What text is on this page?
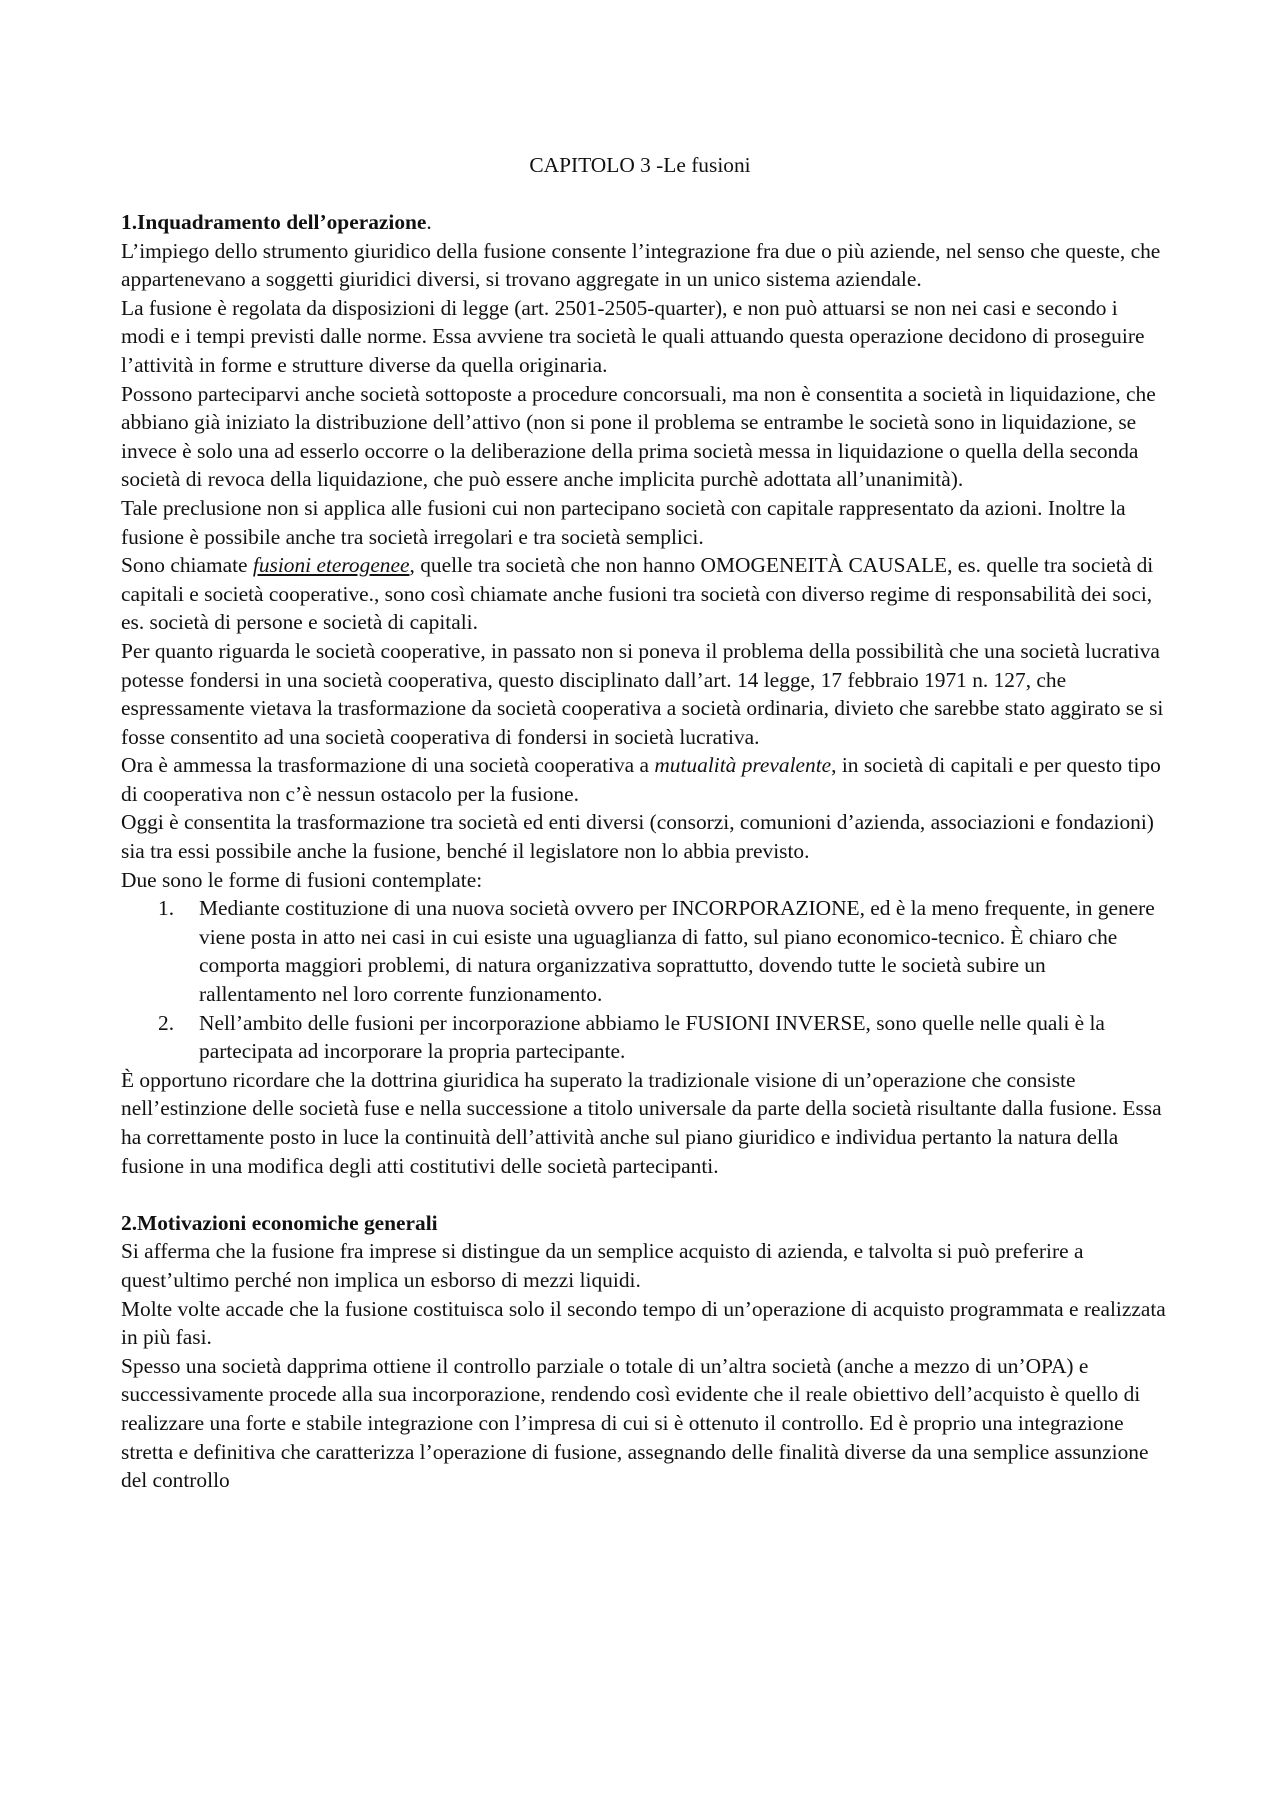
CAPITOLO 3 -Le fusioni

1.Inquadramento dell’operazione.

L’impiego dello strumento giuridico della fusione consente l’integrazione fra due o più aziende, nel senso che queste, che appartenevano a soggetti giuridici diversi, si trovano aggregate in un unico sistema aziendale.

La fusione è regolata da disposizioni di legge (art. 2501-2505-quarter), e non può attuarsi se non nei casi e secondo i modi e i tempi previsti dalle norme. Essa avviene tra società le quali attuando questa operazione decidono di proseguire l’attività in forme e strutture diverse da quella originaria.

Possono parteciparvi anche società sottoposte a procedure concorsuali, ma non è consentita a società in liquidazione, che abbiano già iniziato la distribuzione dell’attivo (non si pone il problema se entrambe le società sono in liquidazione, se invece è solo una ad esserlo occorre o la deliberazione della prima società messa in liquidazione o quella della seconda società di revoca della liquidazione, che può essere anche implicita purchè adottata all’unanimità).

Tale preclusione non si applica alle fusioni cui non partecipano società con capitale rappresentato da azioni. Inoltre la fusione è possibile anche tra società irregolari e tra società semplici.

Sono chiamate fusioni eterogenee, quelle tra società che non hanno OMOGENEITÀ CAUSALE, es. quelle tra società di capitali e società cooperative., sono così chiamate anche fusioni tra società con diverso regime di responsabilità dei soci, es. società di persone e società di capitali.

Per quanto riguarda le società cooperative, in passato non si poneva il problema della possibilità che una società lucrativa potesse fondersi in una società cooperativa, questo disciplinato dall’art. 14 legge, 17 febbraio 1971 n. 127, che espressamente vietava la trasformazione da società cooperativa a società ordinaria, divieto che sarebbe stato aggirato se si fosse consentito ad una società cooperativa di fondersi in società lucrativa.

Ora è ammessa la trasformazione di una società cooperativa a mutualità prevalente, in società di capitali e per questo tipo di cooperativa non c’è nessun ostacolo per la fusione.

Oggi è consentita la trasformazione tra società ed enti diversi (consorzi, comunioni d’azienda, associazioni e fondazioni) sia tra essi possibile anche la fusione, benché il legislatore non lo abbia previsto.

Due sono le forme di fusioni contemplate:

1. Mediante costituzione di una nuova società ovvero per INCORPORAZIONE, ed è la meno frequente, in genere viene posta in atto nei casi in cui esiste una uguaglianza di fatto, sul piano economico-tecnico. È chiaro che comporta maggiori problemi, di natura organizzativa soprattutto, dovendo tutte le società subire un rallentamento nel loro corrente funzionamento.
2. Nell’ambito delle fusioni per incorporazione abbiamo le FUSIONI INVERSE, sono quelle nelle quali è la partecipata ad incorporare la propria partecipante.

È opportuno ricordare che la dottrina giuridica ha superato la tradizionale visione di un’operazione che consiste nell’estinzione delle società fuse e nella successione a titolo universale da parte della società risultante dalla fusione. Essa ha correttamente posto in luce la continuità dell’attività anche sul piano giuridico e individua pertanto la natura della fusione in una modifica degli atti costitutivi delle società partecipanti.

2.Motivazioni economiche generali

Si afferma che la fusione fra imprese si distingue da un semplice acquisto di azienda, e talvolta si può preferire a quest’ultimo perché non implica un esborso di mezzi liquidi.

Molte volte accade che la fusione costituisca solo il secondo tempo di un’operazione di acquisto programmata e realizzata in più fasi.

Spesso una società dapprima ottiene il controllo parziale o totale di un’altra società (anche a mezzo di un’OPA) e successivamente procede alla sua incorporazione, rendendo così evidente che il reale obiettivo dell’acquisto è quello di realizzare una forte e stabile integrazione con l’impresa di cui si è ottenuto il controllo. Ed è proprio una integrazione stretta e definitiva che caratterizza l’operazione di fusione, assegnando delle finalità diverse da una semplice assunzione del controllo
